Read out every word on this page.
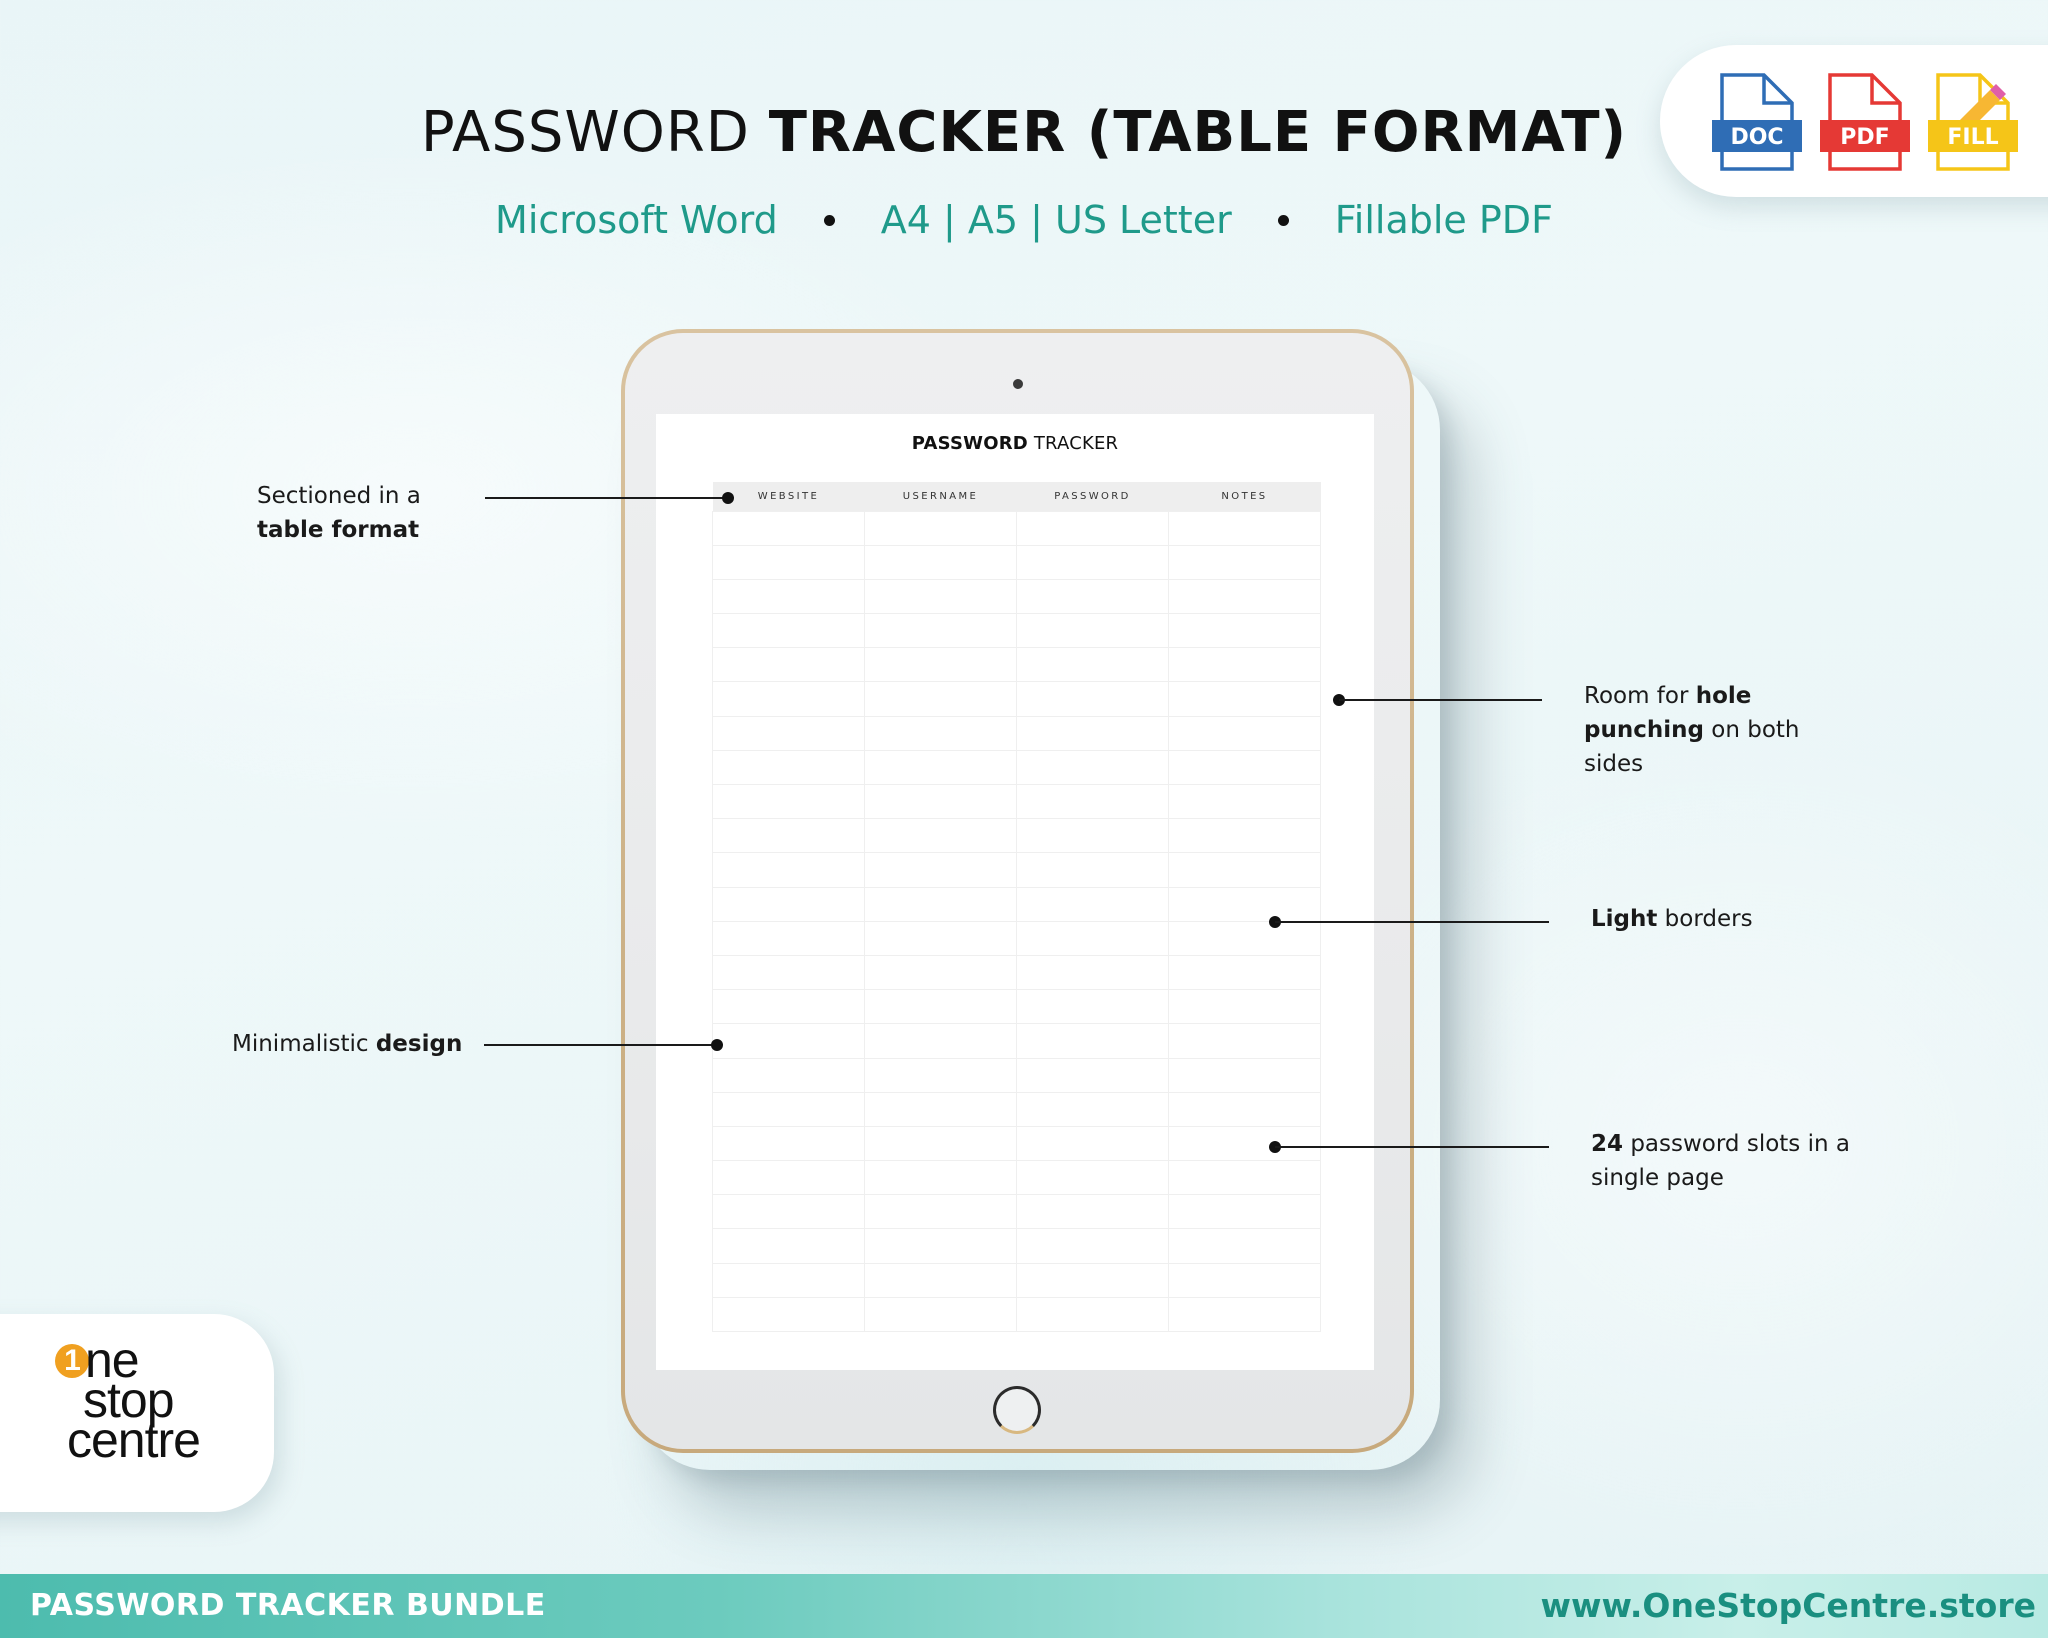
PASSWORD TRACKER (TABLE FORMAT)
Microsoft Word	A4 | A5 | US Letter	Fillable PDF
DOC	PDF	FILL
PASSWORD TRACKER
WEBSITE	USERNAME	PASSWORD	NOTES

Sectioned in a
table format
Room for hole
punching on both
sides
Light borders
Minimalistic design
24 password slots in a
single page
1 ne
stop
centre
PASSWORD TRACKER BUNDLE	www.OneStopCentre.store
